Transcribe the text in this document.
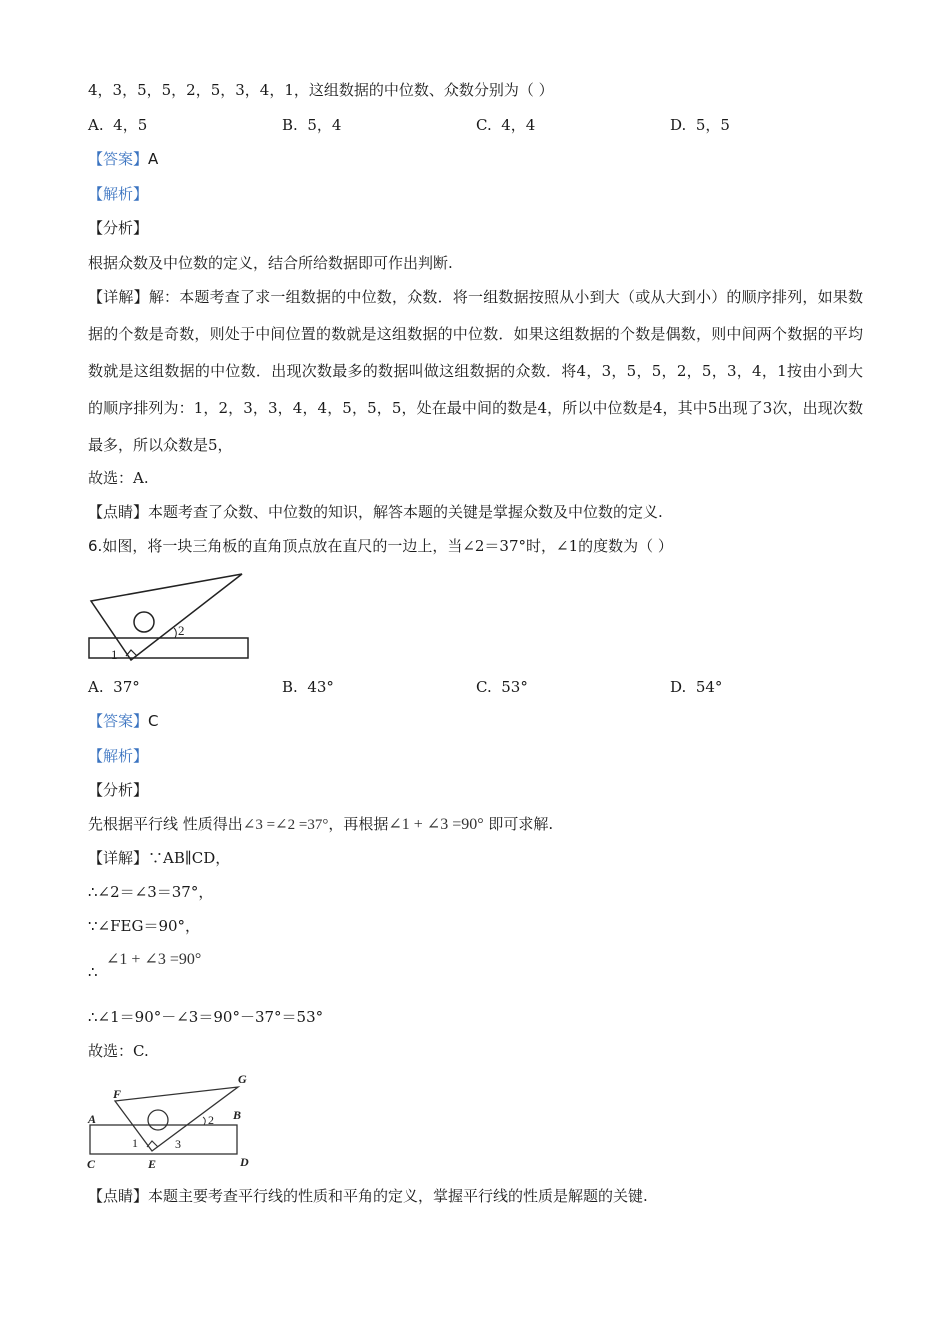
4，3，5，5，2，5，3，4，1，这组数据的中位数、众数分别为（ ）
A. 4，5	B. 5，4	C. 4，4	D. 5，5
【答案】A
【解析】
【分析】
根据众数及中位数的定义，结合所给数据即可作出判断.
【详解】解：本题考查了求一组数据的中位数，众数．将一组数据按照从小到大（或从大到小）的顺序排列，如果数据的个数是奇数，则处于中间位置的数就是这组数据的中位数．如果这组数据的个数是偶数，则中间两个数据的平均数就是这组数据的中位数．出现次数最多的数据叫做这组数据的众数．将4，3，5，5，2，5，3，4，1按由小到大的顺序排列为：1，2，3，3，4，4，5，5，5，处在最中间的数是4，所以中位数是4，其中5出现了3次，出现次数最多，所以众数是5，
故选：A.
【点睛】本题考查了众数、中位数的知识，解答本题的关键是掌握众数及中位数的定义.
6.如图，将一块三角板的直角顶点放在直尺的一边上，当∠2＝37°时，∠1的度数为（ ）
1
2
A. 37°	B. 43°	C. 53°	D. 54°
【答案】C
【解析】
【分析】
先根据平行线 性质得出∠3 =∠2 =37°，再根据∠1 + ∠3 =90° 即可求解.
【详解】∵AB∥CD，
∴∠2＝∠3＝37°，
∵∠FEG＝90°，
∴
∠1 + ∠3 =90°
∴∠1＝90°－∠3＝90°－37°＝53°
故选：C.
F
G
A	B
C	D
E
1
2
3
【点睛】本题主要考查平行线的性质和平角的定义，掌握平行线的性质是解题的关键.
